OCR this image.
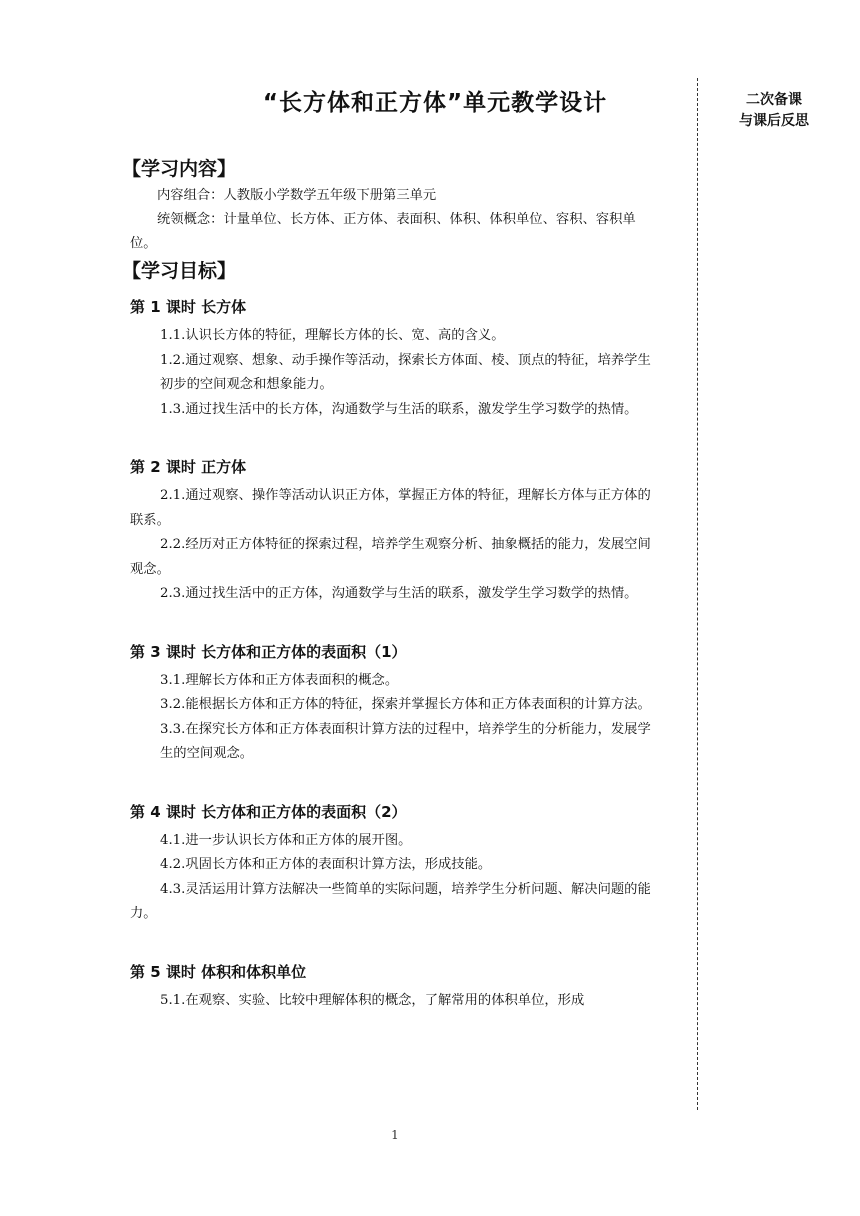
“长方体和正方体”单元教学设计	二次备课
与课后反思
【学习内容】
内容组合：人教版小学数学五年级下册第三单元
统领概念：计量单位、长方体、正方体、表面积、体积、体积单位、容积、容积单位。
【学习目标】
第 1 课时 长方体
1.1.认识长方体的特征，理解长方体的长、宽、高的含义。
1.2.通过观察、想象、动手操作等活动，探索长方体面、棱、顶点的特征，培养学生初步的空间观念和想象能力。
1.3.通过找生活中的长方体，沟通数学与生活的联系，激发学生学习数学的热情。
第 2 课时 正方体
2.1.通过观察、操作等活动认识正方体，掌握正方体的特征，理解长方体与正方体的联系。
2.2.经历对正方体特征的探索过程，培养学生观察分析、抽象概括的能力，发展空间观念。
2.3.通过找生活中的正方体，沟通数学与生活的联系，激发学生学习数学的热情。
第 3 课时 长方体和正方体的表面积（1）
3.1.理解长方体和正方体表面积的概念。
3.2.能根据长方体和正方体的特征，探索并掌握长方体和正方体表面积的计算方法。
3.3.在探究长方体和正方体表面积计算方法的过程中，培养学生的分析能力，发展学生的空间观念。
第 4 课时 长方体和正方体的表面积（2）
4.1.进一步认识长方体和正方体的展开图。
4.2.巩固长方体和正方体的表面积计算方法，形成技能。
4.3.灵活运用计算方法解决一些简单的实际问题，培养学生分析问题、解决问题的能力。
第 5 课时 体积和体积单位
5.1.在观察、实验、比较中理解体积的概念，了解常用的体积单位，形成
1
